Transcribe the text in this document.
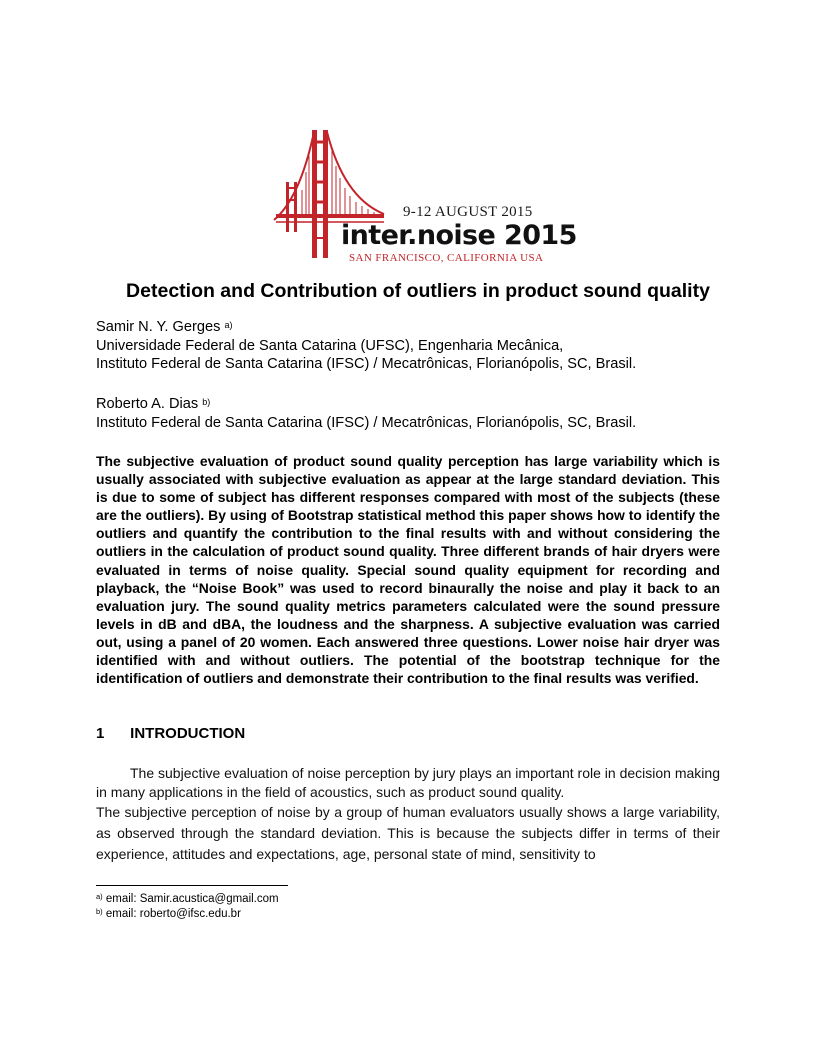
9-12 AUGUST 2015
inter.noise 2015
SAN FRANCISCO, CALIFORNIA USA
Detection and Contribution of outliers in product sound quality
Samir N. Y. Gerges $^{a)}$
Universidade Federal de Santa Catarina (UFSC), Engenharia Mecânica,
Instituto Federal de Santa Catarina (IFSC) / Mecatrônicas, Florianópolis, SC, Brasil.
Roberto A. Dias $^{b)}$
Instituto Federal de Santa Catarina (IFSC) / Mecatrônicas, Florianópolis, SC, Brasil.
The subjective evaluation of product sound quality perception has large variability which is usually associated with subjective evaluation as appear at the large standard deviation. This is due to some of subject has different responses compared with most of the subjects (these are the outliers). By using of Bootstrap statistical method this paper shows how to identify the outliers and quantify the contribution to the final results with and without considering the outliers in the calculation of product sound quality. Three different brands of hair dryers were evaluated in terms of noise quality. Special sound quality equipment for recording and playback, the “Noise Book” was used to record binaurally the noise and play it back to an evaluation jury. The sound quality metrics parameters calculated were the sound pressure levels in dB and dBA, the loudness and the sharpness. A subjective evaluation was carried out, using a panel of 20 women. Each answered three questions. Lower noise hair dryer was identified with and without outliers. The potential of the bootstrap technique for the identification of outliers and demonstrate their contribution to the final results was verified.
1 INTRODUCTION

The subjective evaluation of noise perception by jury plays an important role in decision making in many applications in the field of acoustics, such as product sound quality.

The subjective perception of noise by a group of human evaluators usually shows a large variability, as observed through the standard deviation. This is because the subjects differ in terms of their experience, attitudes and expectations, age, personal state of mind, sensitivity to

$^{a)}$ email: Samir.acustica@gmail.com
$^{b)}$ email: roberto@ifsc.edu.br
